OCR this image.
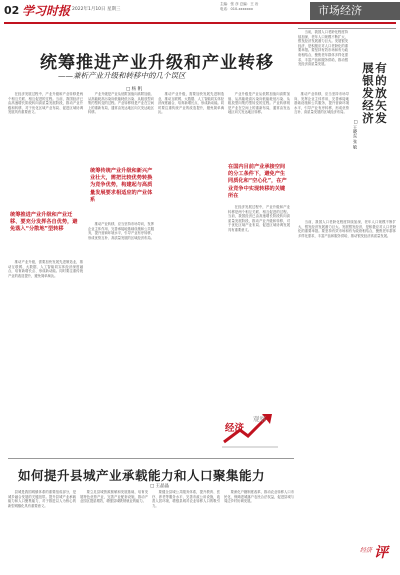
02 学习时报 2022年1月10日 星期三
主编：张 彦 总编：王 岩
电话：010-xxxxxxx	市场经济
统筹推进产业升级和产业转移
——兼析产业升级和转移中的几个误区
□ 杨 帆

在经济发展过程中，产业升级和产业转移是两个相互关联、相互促进的过程。当前，我国经济已由高速增长阶段转向高质量发展阶段，推动产业升级和转移，对于优化区域产业布局、促进区域协调发展具有重要意义。

统筹推进产业升级和产业迁移、要充分发挥各自优势，避免落入“分散地”型转移

推动产业升级，需要加快发展先进制造业，推动互联网、大数据、人工智能同实体经济深度融合，培育新增长点、形成新动能。同时要注重传统产业的改造提升，避免简单淘汰。

产业升级是产业从低附加值向高附加值、从高能耗高污染向低能耗低污染、从粗放型向集约型转变的过程。产业转移则是产业在空间上的重新布局，通常由发达地区向欠发达地区转移。

统筹传统产业升级和新兴产业壮大，需把比较优势转换为竞争优势，构建起与高质量发展要求相适应的产业体系

推动产业转移，应当坚持市场导向，发挥企业主体作用，完善承接地基础设施和公共服务，提升营商环境水平，引导产业有序转移，形成优势互补、高质量发展的区域经济布局。

推动产业升级，需要加快发展先进制造业，推动互联网、大数据、人工智能同实体经济深度融合，培育新增长点、形成新动能。同时要注重传统产业的改造提升，避免简单淘汰。

在国内目前产业承接空间的分工条件下，避免产生同质化和“空心化”，在产业竞争中实现转移的关键所在

产业升级是产业从低附加值向高附加值、从高能耗高污染向低能耗低污染、从粗放型向集约型转变的过程。产业转移则是产业在空间上的重新布局，通常由发达地区向欠发达地区转移。

在经济发展过程中，产业升级和产业转移是两个相互关联、相互促进的过程。当前，我国经济已由高速增长阶段转向高质量发展阶段，推动产业升级和转移，对于优化区域产业布局、促进区域协调发展具有重要意义。

推动产业转移，应当坚持市场导向，发挥企业主体作用，完善承接地基础设施和公共服务，提升营商环境水平，引导产业有序转移，形成优势互补、高质量发展的区域经济布局。

经济
观察

当前，我国人口老龄化程度持续加深，老年人口规模不断扩大，银发经济发展潜力巨大。发展银发经济，是积极应对人口老龄化的重要举措。要坚持有效市场和有为政府相结合，聚焦老年群体多样化需求，丰富产品和服务供给，推动银发经济高质量发展。	有的放矢发
展银发经济
□ 王晓东 张 敏

当前，我国人口老龄化程度持续加深，老年人口规模不断扩大，银发经济发展潜力巨大。发展银发经济，是积极应对人口老龄化的重要举措。要坚持有效市场和有为政府相结合，聚焦老年群体多样化需求，丰富产品和服务供给，推动银发经济高质量发展。

如何提升县城产业承载能力和人口聚集能力
□ 王晶晶

县城是我国城镇体系的重要组成部分，是城乡融合发展的关键纽带。提升县城产业承载能力和人口聚集能力，对于推进以人为核心的新型城镇化具有重要意义。

要立足县城资源禀赋和发展基础，培育发展特色优势产业，完善产业配套设施，推动产业园区提质增效，增强县城吸纳就业的能力。

要健全县城公共服务体系，提升教育、医疗、养老等服务水平，完善市政公用设施，改善人居环境，增强县城对农业转移人口的吸引力。

要深化户籍制度改革，推动农业转移人口市民化，保障进城落户农民合法权益，促进县城与周边乡村协调发展。

经济 评
